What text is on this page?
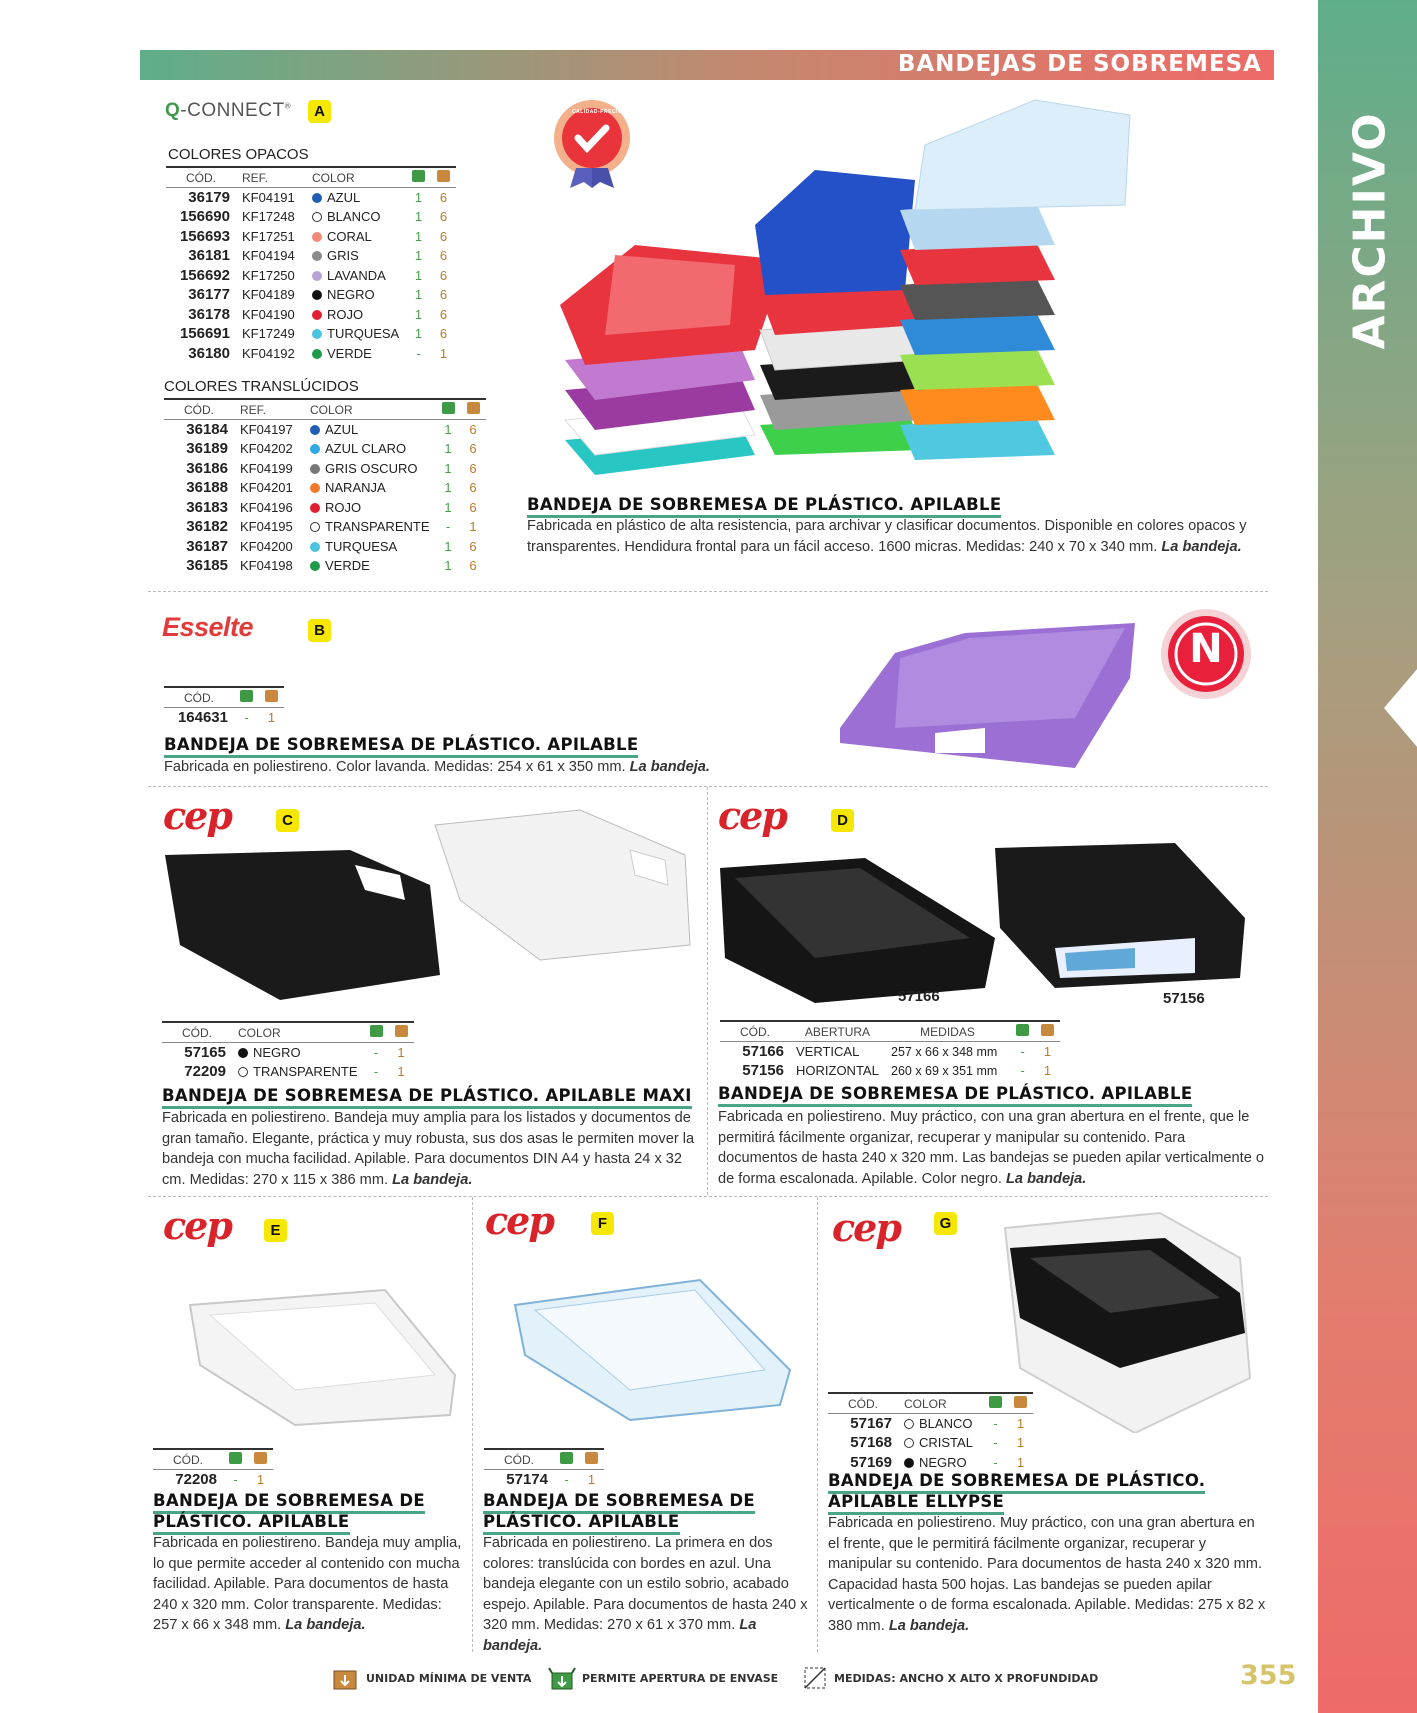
ARCHIVO
BANDEJAS DE SOBREMESA
Q-CONNECT®	A
COLORES OPACOS
CÓD.	REF.	COLOR		
36179	KF04191	AZUL	1	6
156690	KF17248	BLANCO	1	6
156693	KF17251	CORAL	1	6
36181	KF04194	GRIS	1	6
156692	KF17250	LAVANDA	1	6
36177	KF04189	NEGRO	1	6
36178	KF04190	ROJO	1	6
156691	KF17249	TURQUESA	1	6
36180	KF04192	VERDE	-	1
COLORES TRANSLÚCIDOS
CÓD.	REF.	COLOR		
36184	KF04197	AZUL	1	6
36189	KF04202	AZUL CLARO	1	6
36186	KF04199	GRIS OSCURO	1	6
36188	KF04201	NARANJA	1	6
36183	KF04196	ROJO	1	6
36182	KF04195	TRANSPARENTE	-	1
36187	KF04200	TURQUESA	1	6
36185	KF04198	VERDE	1	6
CALIDAD-PRECIO
BANDEJA DE SOBREMESA DE PLÁSTICO. APILABLE
Fabricada en plástico de alta resistencia, para archivar y clasificar documentos. Disponible en colores opacos y transparentes. Hendidura frontal para un fácil acceso. 1600 micras. Medidas: 240 x 70 x 340 mm. La bandeja.
Esselte	B
CÓD.		
164631	-	1
N
BANDEJA DE SOBREMESA DE PLÁSTICO. APILABLE
Fabricada en poliestireno. Color lavanda. Medidas: 254 x 61 x 350 mm. La bandeja.
cep	C
CÓD.	COLOR		
57165	NEGRO	-	1
72209	TRANSPARENTE	-	1
BANDEJA DE SOBREMESA DE PLÁSTICO. APILABLE MAXI
Fabricada en poliestireno. Bandeja muy amplia para los listados y documentos de gran tamaño. Elegante, práctica y muy robusta, sus dos asas le permiten mover la bandeja con mucha facilidad. Apilable. Para documentos DIN A4 y hasta 24 x 32 cm. Medidas: 270 x 115 x 386 mm. La bandeja.
cep	D
57166	57156
CÓD.	ABERTURA	MEDIDAS		
57166	VERTICAL	257 x 66 x 348 mm	-	1
57156	HORIZONTAL	260 x 69 x 351 mm	-	1
BANDEJA DE SOBREMESA DE PLÁSTICO. APILABLE
Fabricada en poliestireno. Muy práctico, con una gran abertura en el frente, que le permitirá fácilmente organizar, recuperar y manipular su contenido. Para documentos de hasta 240 x 320 mm. Las bandejas se pueden apilar verticalmente o de forma escalonada. Apilable. Color negro. La bandeja.
cep	E
CÓD.		
72208	-	1
BANDEJA DE SOBREMESA DE
PLÁSTICO. APILABLE
Fabricada en poliestireno. Bandeja muy amplia, lo que permite acceder al contenido con mucha facilidad. Apilable. Para documentos de hasta 240 x 320 mm. Color transparente. Medidas: 257 x 66 x 348 mm. La bandeja.
cep	F
CÓD.		
57174	-	1
BANDEJA DE SOBREMESA DE
PLÁSTICO. APILABLE
Fabricada en poliestireno. La primera en dos colores: translúcida con bordes en azul. Una bandeja elegante con un estilo sobrio, acabado espejo. Apilable. Para documentos de hasta 240 x 320 mm. Medidas: 270 x 61 x 370 mm. La bandeja.
cep	G
CÓD.	COLOR		
57167	BLANCO	-	1
57168	CRISTAL	-	1
57169	NEGRO	-	1
BANDEJA DE SOBREMESA DE PLÁSTICO.
APILABLE ELLYPSE
Fabricada en poliestireno. Muy práctico, con una gran abertura en el frente, que le permitirá fácilmente organizar, recuperar y manipular su contenido. Para documentos de hasta 240 x 320 mm. Capacidad hasta 500 hojas. Las bandejas se pueden apilar verticalmente o de forma escalonada. Apilable. Medidas: 275 x 82 x 380 mm. La bandeja.
UNIDAD MÍNIMA DE VENTA	PERMITE APERTURA DE ENVASE	MEDIDAS: ANCHO X ALTO X PROFUNDIDAD	355
